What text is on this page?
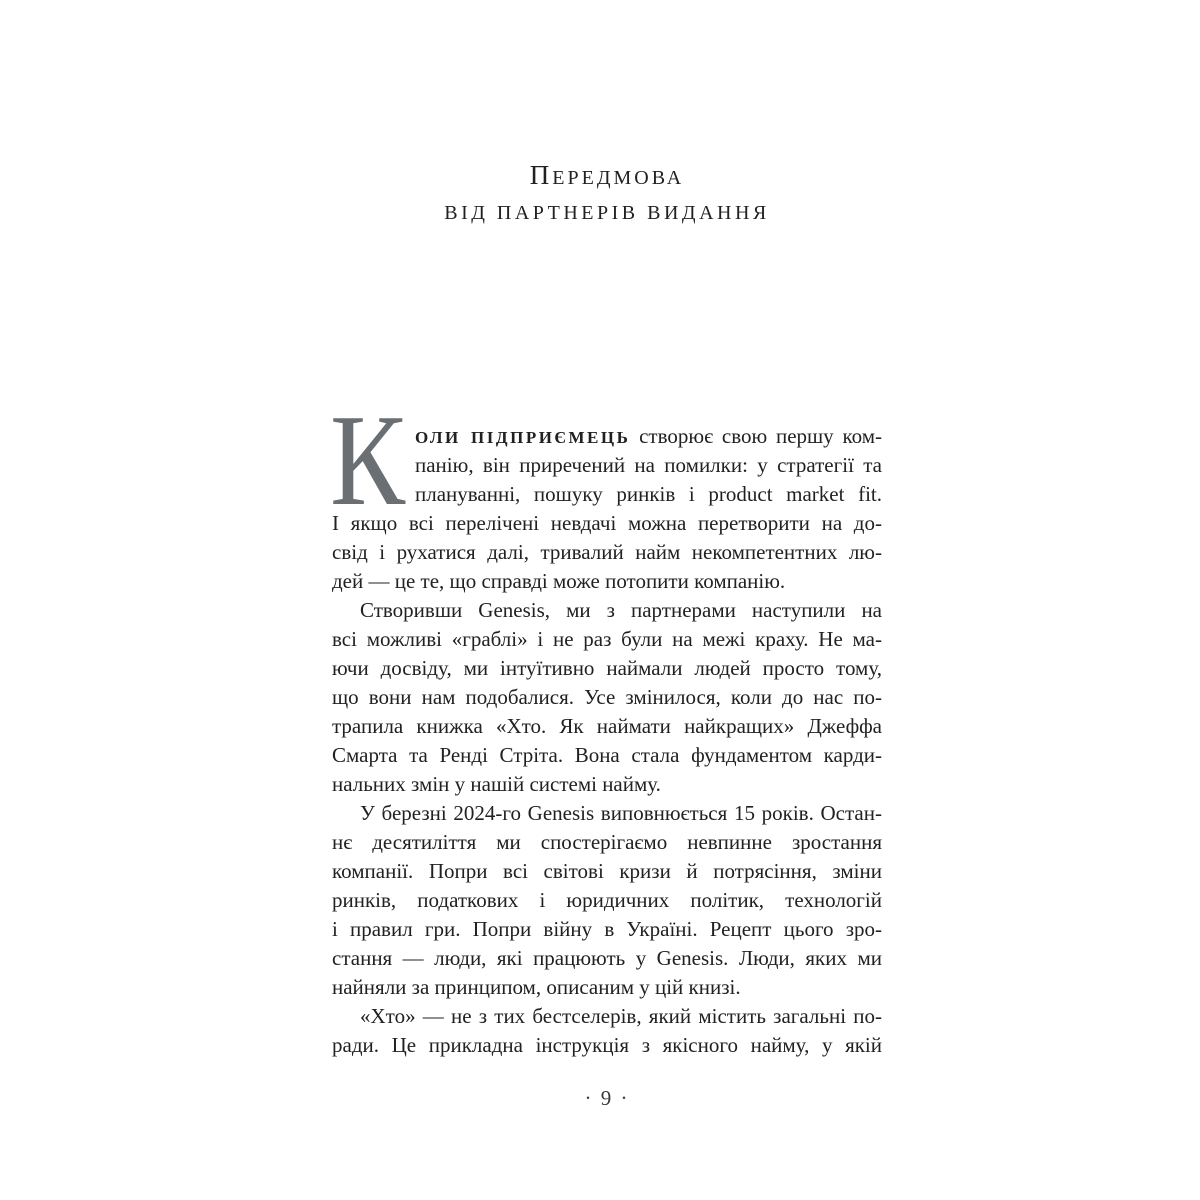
ПЕРЕДМОВА
ВІД ПАРТНЕРІВ ВИДАННЯ
К ОЛИ ПІДПРИЄМЕЦЬ створює свою першу ком-
панію, він приречений на помилки: у стратегії та
плануванні, пошуку ринків і product market fit.
І якщо всі перелічені невдачі можна перетворити на до-
свід і рухатися далі, тривалий найм некомпетентних лю-
дей — це те, що справді може потопити компанію.
Створивши Genesis, ми з партнерами наступили на
всі можливі «граблі» і не раз були на межі краху. Не ма-
ючи досвіду, ми інтуїтивно наймали людей просто тому,
що вони нам подобалися. Усе змінилося, коли до нас по-
трапила книжка «Хто. Як наймати найкращих» Джеффа
Смарта та Ренді Стріта. Вона стала фундаментом карди-
нальних змін у нашій системі найму.
У березні 2024-го Genesis виповнюється 15 років. Остан-
нє десятиліття ми спостерігаємо невпинне зростання
компанії. Попри всі світові кризи й потрясіння, зміни
ринків, податкових і юридичних політик, технологій
і правил гри. Попри війну в Україні. Рецепт цього зро-
стання — люди, які працюють у Genesis. Люди, яких ми
найняли за принципом, описаним у цій книзі.
«Хто» — не з тих бестселерів, який містить загальні по-
ради. Це прикладна інструкція з якісного найму, у якій
· 9 ·
